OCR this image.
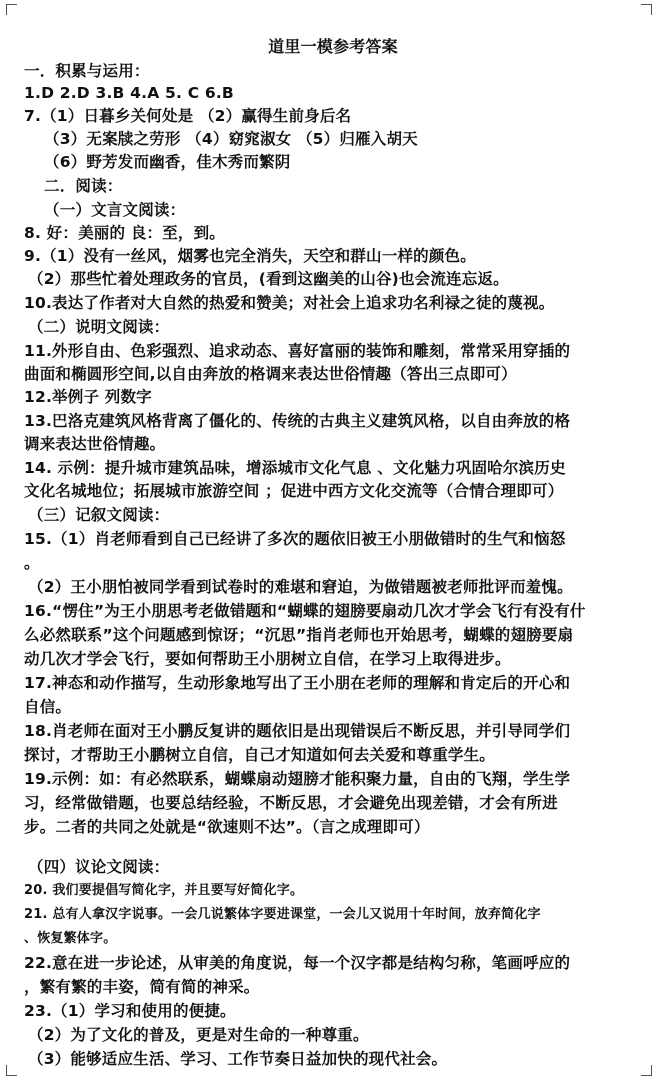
道里一模参考答案
一．积累与运用：
1.D 2.D 3.B 4.A 5. C 6.B
7.（1）日暮乡关何处是 （2）赢得生前身后名
（3）无案牍之劳形 （4）窈窕淑女 （5）归雁入胡天
（6）野芳发而幽香，佳木秀而繁阴
二．阅读：
（一）文言文阅读：
8. 好：美丽的 良：至，到。
9.（1）没有一丝风，烟雾也完全消失，天空和群山一样的颜色。
（2）那些忙着处理政务的官员，(看到这幽美的山谷)也会流连忘返。
10.表达了作者对大自然的热爱和赞美；对社会上追求功名利禄之徒的蔑视。
（二）说明文阅读：
11.外形自由、色彩强烈、追求动态、喜好富丽的装饰和雕刻，常常采用穿插的
曲面和椭圆形空间,以自由奔放的格调来表达世俗情趣（答出三点即可）
12.举例子 列数字
13.巴洛克建筑风格背离了僵化的、传统的古典主义建筑风格，以自由奔放的格
调来表达世俗情趣。
14. 示例：提升城市建筑品味，增添城市文化气息 、文化魅力巩固哈尔滨历史
文化名城地位；拓展城市旅游空间 ；促进中西方文化交流等（合情合理即可）
（三）记叙文阅读：
15.（1）肖老师看到自己已经讲了多次的题依旧被王小朋做错时的生气和恼怒
。
（2）王小朋怕被同学看到试卷时的难堪和窘迫，为做错题被老师批评而羞愧。
16.“愣住”为王小朋思考老做错题和“蝴蝶的翅膀要扇动几次才学会飞行有没有什
么必然联系”这个问题感到惊讶；“沉思”指肖老师也开始思考，蝴蝶的翅膀要扇
动几次才学会飞行，要如何帮助王小朋树立自信，在学习上取得进步。
17.神态和动作描写，生动形象地写出了王小朋在老师的理解和肯定后的开心和
自信。
18.肖老师在面对王小鹏反复讲的题依旧是出现错误后不断反思，并引导同学们
探讨，才帮助王小鹏树立自信，自己才知道如何去关爱和尊重学生。
19.示例：如：有必然联系，蝴蝶扇动翅膀才能积聚力量，自由的飞翔，学生学
习，经常做错题，也要总结经验，不断反思，才会避免出现差错，才会有所进
步。二者的共同之处就是“欲速则不达”。（言之成理即可）
（四）议论文阅读：
20. 我们要提倡写简化字，并且要写好简化字。
21. 总有人拿汉字说事。一会几说繁体字要进课堂，一会儿又说用十年时间，放弃简化字
、恢复繁体字。
22.意在进一步论述，从审美的角度说，每一个汉字都是结构匀称，笔画呼应的
，繁有繁的丰姿，简有简的神采。
23.（1）学习和使用的便捷。
（2）为了文化的普及，更是对生命的一种尊重。
（3）能够适应生活、学习、工作节奏日益加快的现代社会。
